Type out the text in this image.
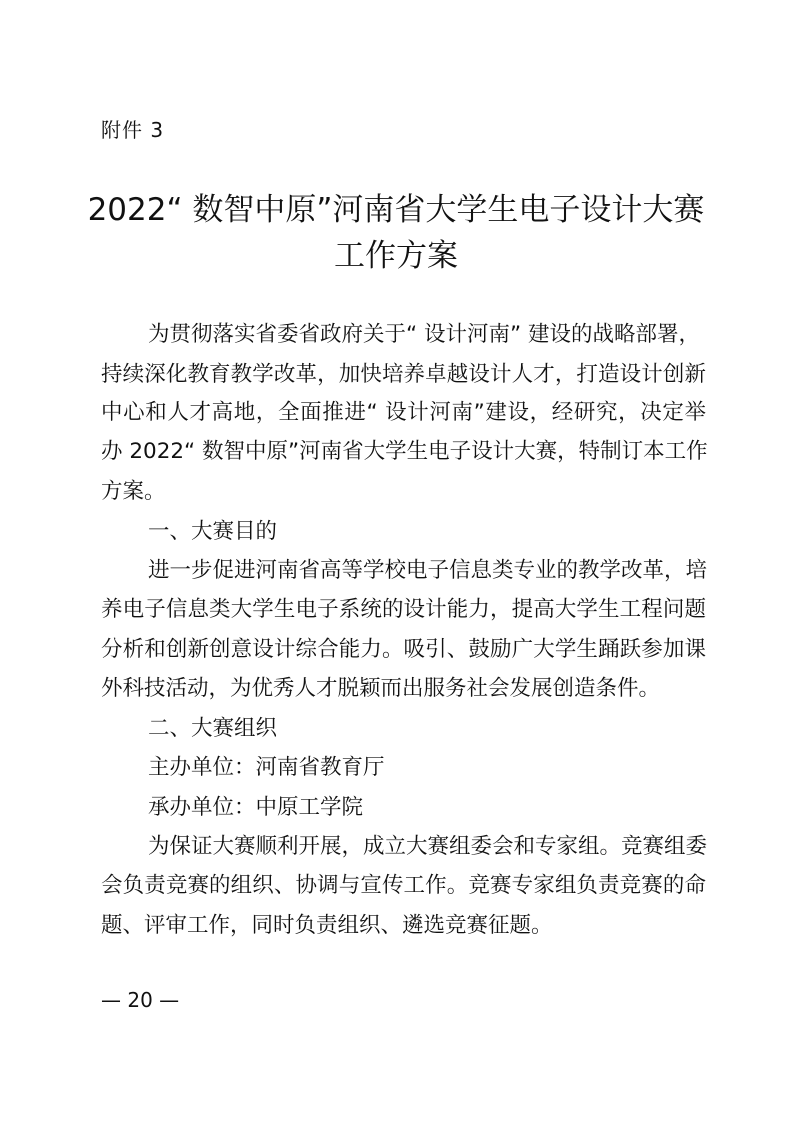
附件 3
2022“ 数智中原”河南省大学生电子设计大赛
工作方案
为贯彻落实省委省政府关于“ 设计河南” 建设的战略部署，
持续深化教育教学改革，加快培养卓越设计人才，打造设计创新
中心和人才高地，全面推进“ 设计河南”建设，经研究，决定举
办 2022“ 数智中原”河南省大学生电子设计大赛，特制订本工作
方案。
一、大赛目的
进一步促进河南省高等学校电子信息类专业的教学改革，培
养电子信息类大学生电子系统的设计能力，提高大学生工程问题
分析和创新创意设计综合能力。吸引、鼓励广大学生踊跃参加课
外科技活动，为优秀人才脱颖而出服务社会发展创造条件。
二、大赛组织
主办单位：河南省教育厅
承办单位：中原工学院
为保证大赛顺利开展，成立大赛组委会和专家组。竞赛组委
会负责竞赛的组织、协调与宣传工作。竞赛专家组负责竞赛的命
题、评审工作，同时负责组织、遴选竞赛征题。
— 20 —
